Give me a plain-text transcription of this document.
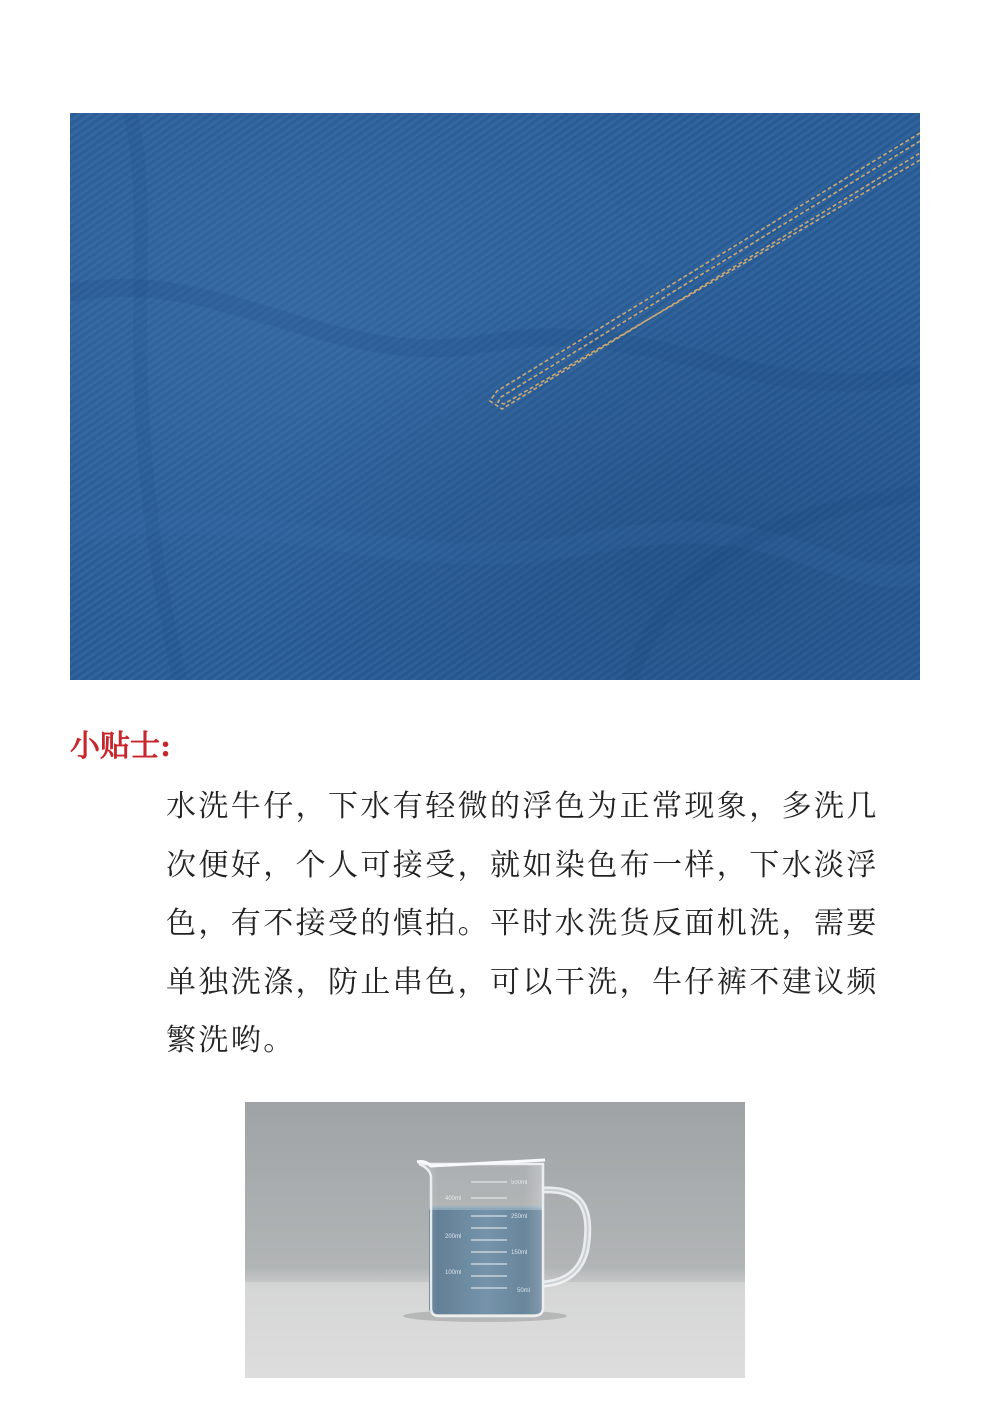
小贴士:
水洗牛仔，下水有轻微的浮色为正常现象，多洗几
次便好，个人可接受，就如染色布一样，下水淡浮
色，有不接受的慎拍。平时水洗货反面机洗，需要
单独洗涤，防止串色，可以干洗，牛仔裤不建议频
繁洗哟。
500ml
400ml
250ml
200ml
150ml
100ml
50ml
